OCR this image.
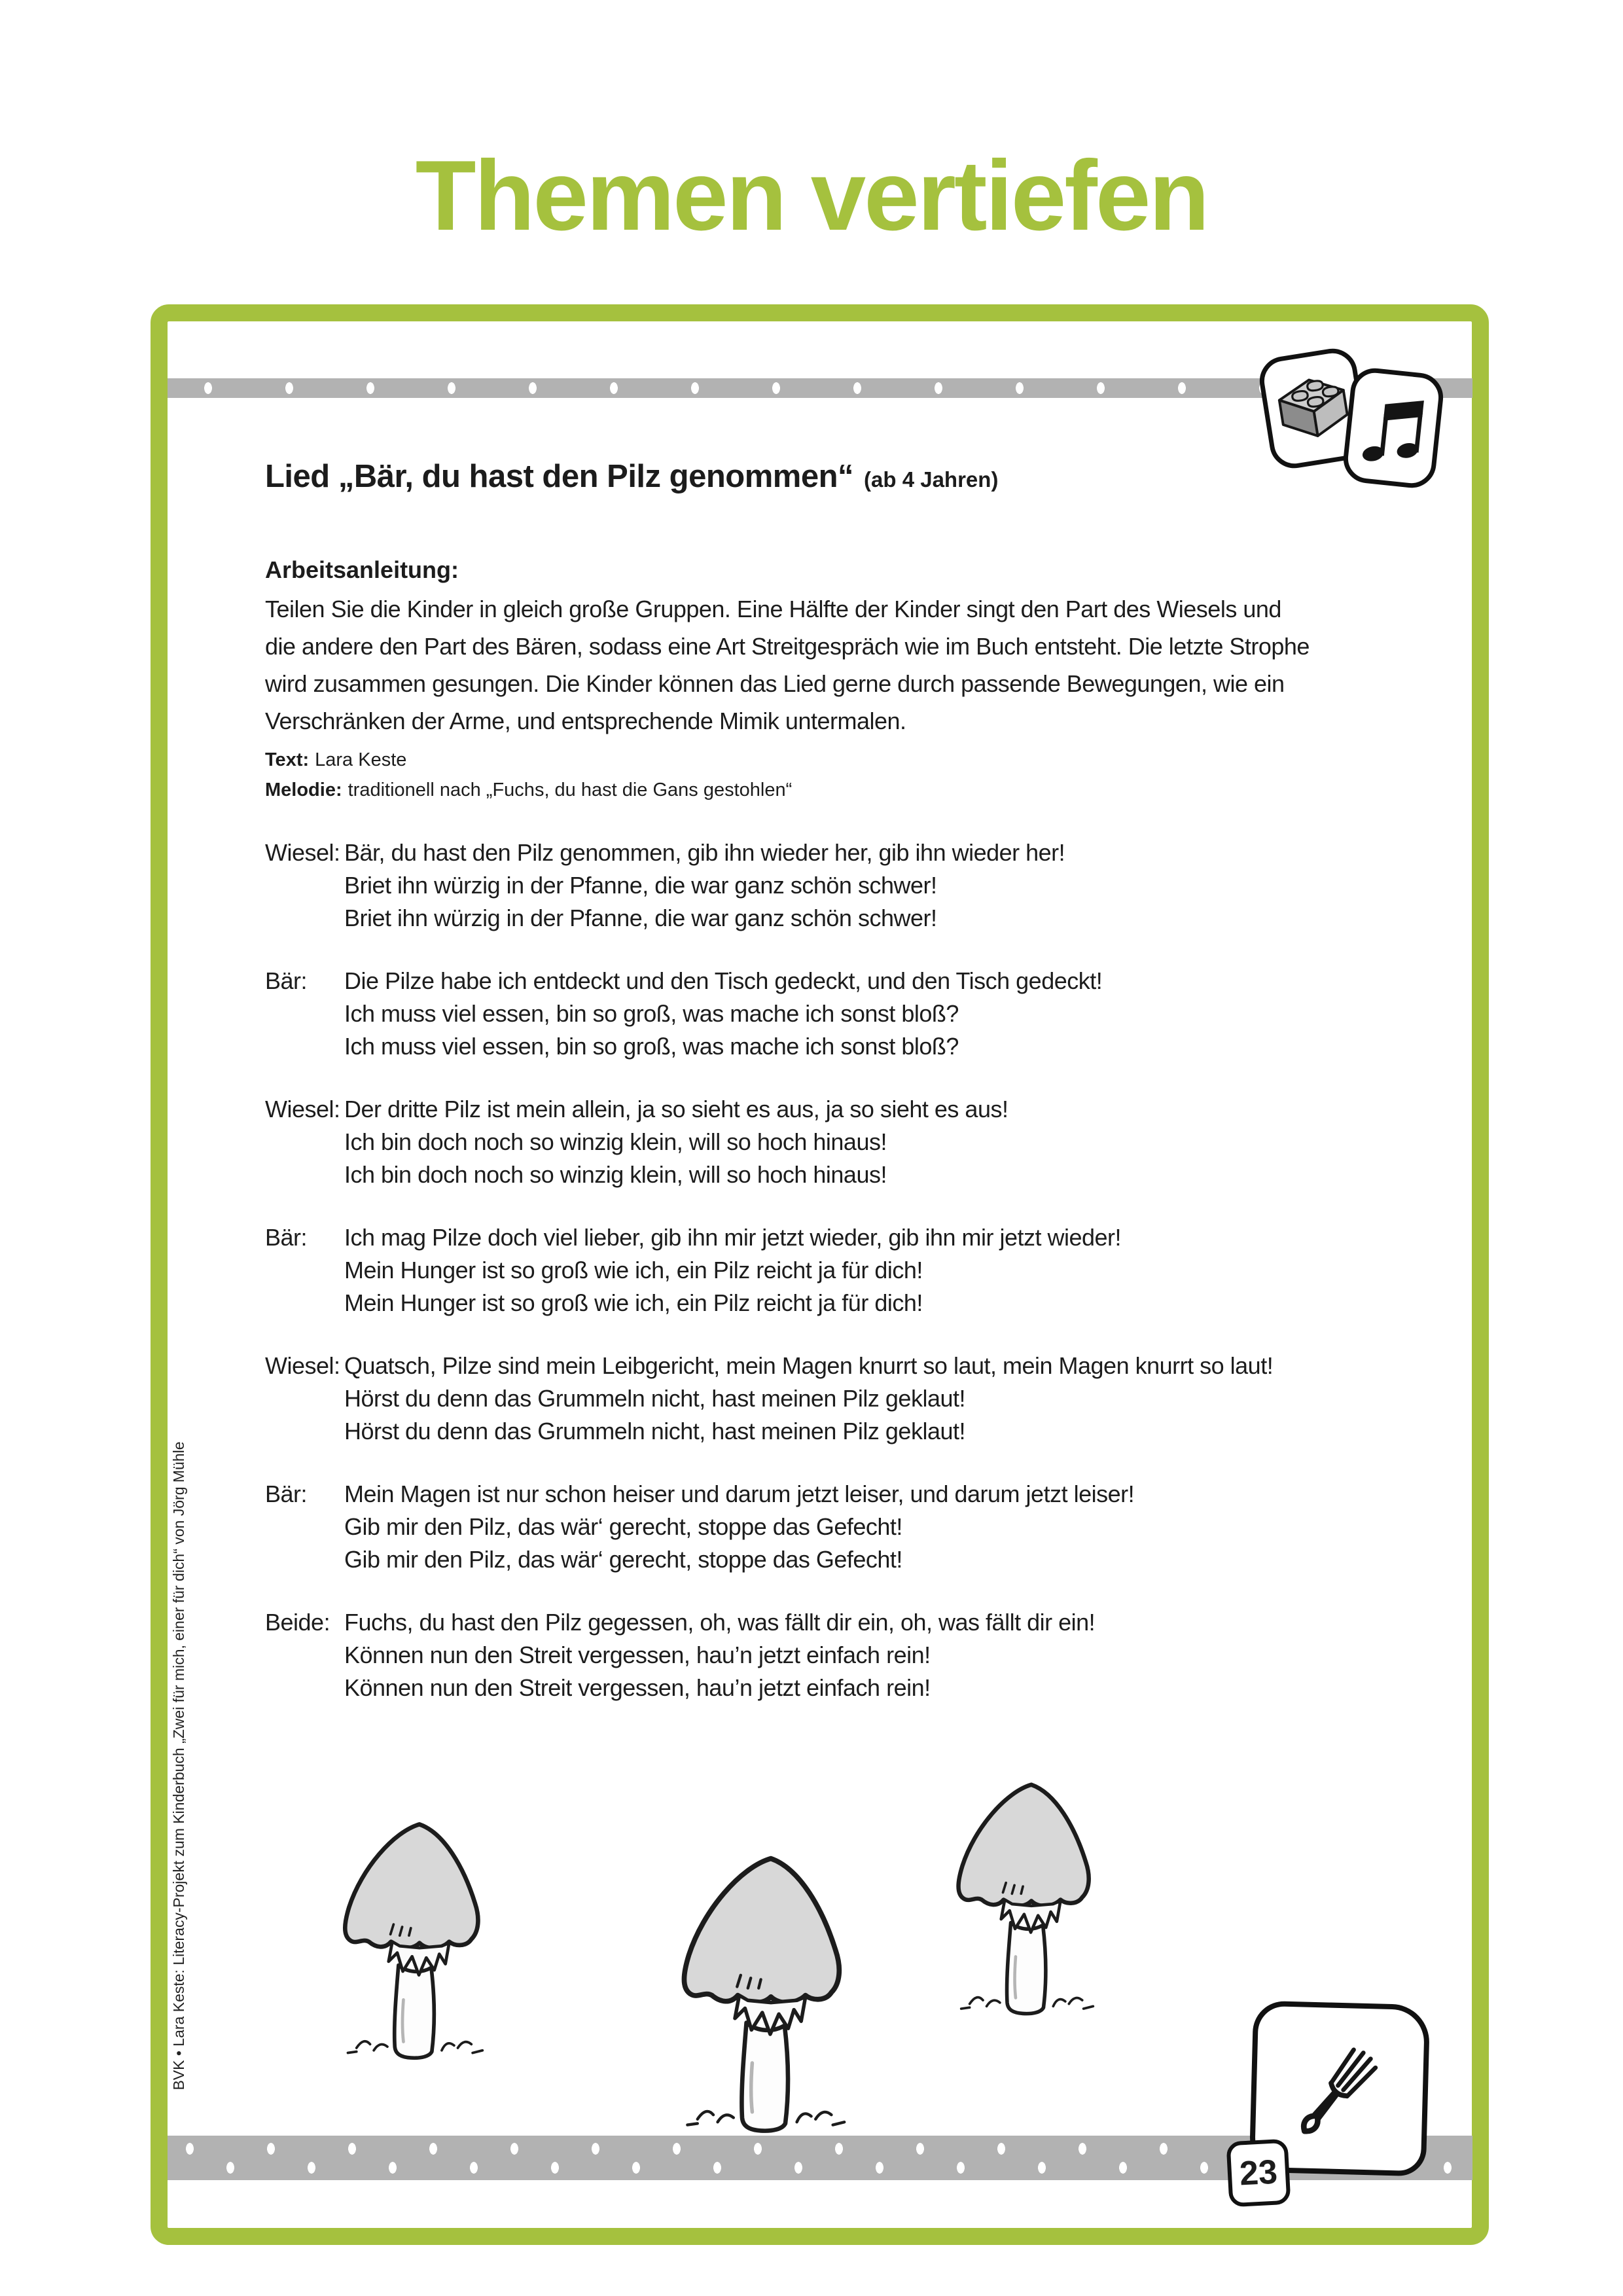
Themen vertiefen
Lied „Bär, du hast den Pilz genommen“ (ab 4 Jahren)
Arbeitsanleitung:
Teilen Sie die Kinder in gleich große Gruppen. Eine Hälfte der Kinder singt den Part des Wiesels und
die andere den Part des Bären, sodass eine Art Streitgespräch wie im Buch entsteht. Die letzte Strophe
wird zusammen gesungen. Die Kinder können das Lied gerne durch passende Bewegungen, wie ein
Verschränken der Arme, und entsprechende Mimik untermalen.
Text: Lara Keste
Melodie: traditionell nach „Fuchs, du hast die Gans gestohlen“
Wiesel: Bär, du hast den Pilz genommen, gib ihn wieder her, gib ihn wieder her!
Briet ihn würzig in der Pfanne, die war ganz schön schwer!
Briet ihn würzig in der Pfanne, die war ganz schön schwer!
Bär:	Die Pilze habe ich entdeckt und den Tisch gedeckt, und den Tisch gedeckt!
Ich muss viel essen, bin so groß, was mache ich sonst bloß?
Ich muss viel essen, bin so groß, was mache ich sonst bloß?
Wiesel: Der dritte Pilz ist mein allein, ja so sieht es aus, ja so sieht es aus!
Ich bin doch noch so winzig klein, will so hoch hinaus!
Ich bin doch noch so winzig klein, will so hoch hinaus!
Bär:	Ich mag Pilze doch viel lieber, gib ihn mir jetzt wieder, gib ihn mir jetzt wieder!
Mein Hunger ist so groß wie ich, ein Pilz reicht ja für dich!
Mein Hunger ist so groß wie ich, ein Pilz reicht ja für dich!
Wiesel: Quatsch, Pilze sind mein Leibgericht, mein Magen knurrt so laut, mein Magen knurrt so laut!
Hörst du denn das Grummeln nicht, hast meinen Pilz geklaut!
Hörst du denn das Grummeln nicht, hast meinen Pilz geklaut!
Bär:	Mein Magen ist nur schon heiser und darum jetzt leiser, und darum jetzt leiser!
Gib mir den Pilz, das wär‘ gerecht, stoppe das Gefecht!
Gib mir den Pilz, das wär‘ gerecht, stoppe das Gefecht!
Beide: Fuchs, du hast den Pilz gegessen, oh, was fällt dir ein, oh, was fällt dir ein!
Können nun den Streit vergessen, hau’n jetzt einfach rein!
Können nun den Streit vergessen, hau’n jetzt einfach rein!
23
BVK • Lara Keste: Literacy-Projekt zum Kinderbuch „Zwei für mich, einer für dich“ von Jörg Mühle
